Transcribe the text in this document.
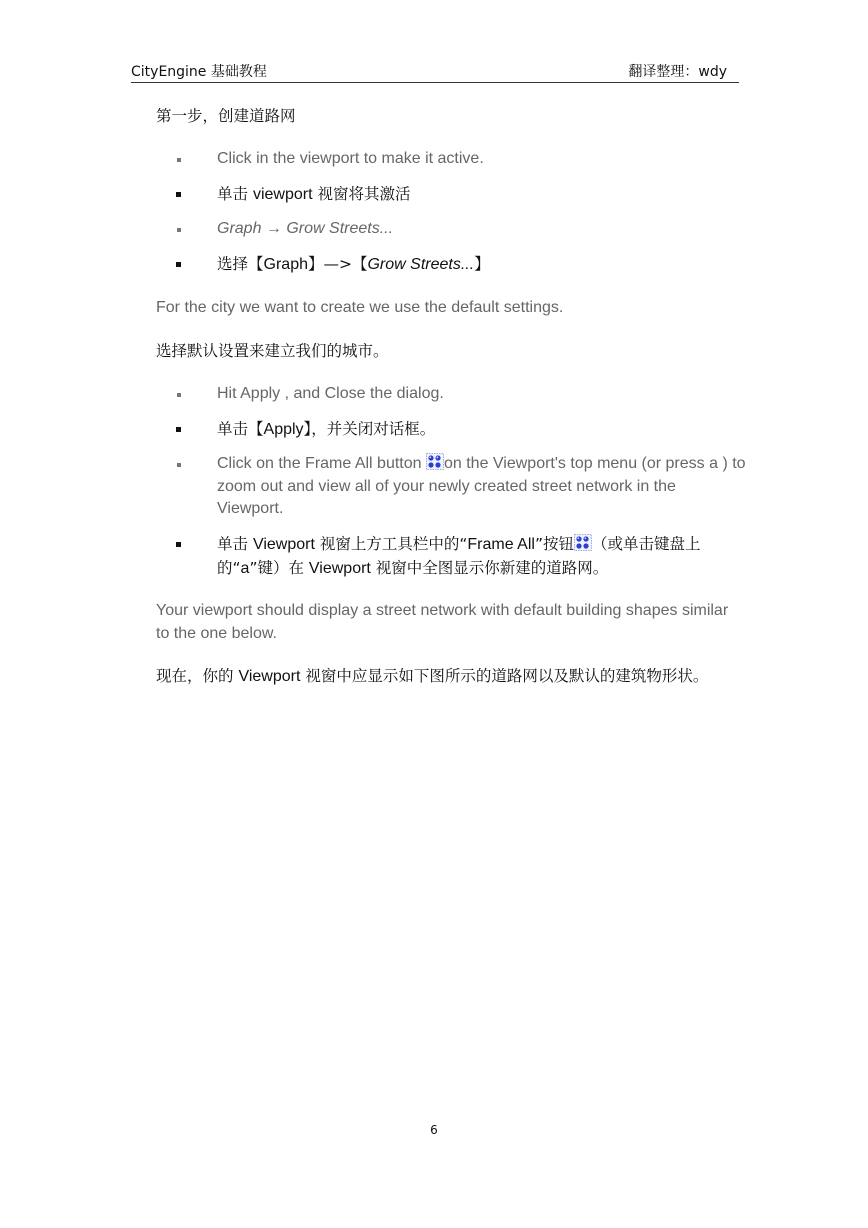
CityEngine 基础教程	翻译整理：wdy
第一步，创建道路网
Click in the viewport to make it active.
单击 viewport 视窗将其激活
Graph → Grow Streets...
选择【Graph】—>【Grow Streets...】
For the city we want to create we use the default settings.
选择默认设置来建立我们的城市。
Hit Apply , and Close the dialog.
单击【Apply】，并关闭对话框。
Click on the Frame All button on the Viewport's top menu (or press a ) to zoom out and view all of your newly created street network in the Viewport.
单击 Viewport 视窗上方工具栏中的“Frame All”按钮 （或单击键盘上的“a”键）在 Viewport 视窗中全图显示你新建的道路网。
Your viewport should display a street network with default building shapes similar to the one below.
现在，你的 Viewport 视窗中应显示如下图所示的道路网以及默认的建筑物形状。
6
